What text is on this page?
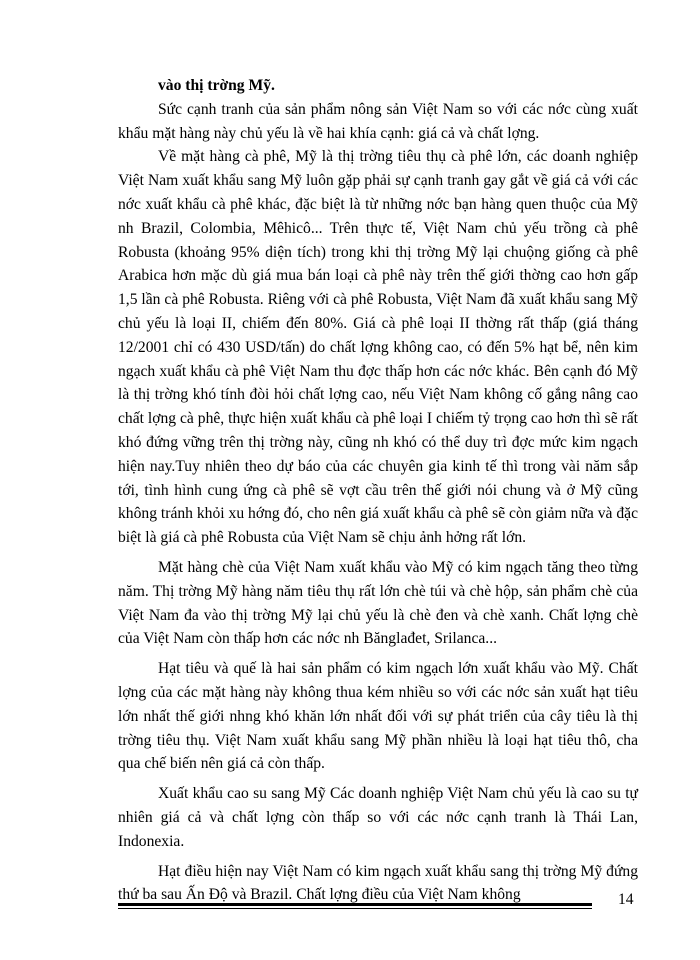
vào thị trờng Mỹ.

Sức cạnh tranh của sản phẩm nông sản Việt Nam so với các nớc cùng xuất khẩu mặt hàng này chủ yếu là về hai khía cạnh: giá cả và chất lợng.

Về mặt hàng cà phê, Mỹ là thị trờng tiêu thụ cà phê lớn, các doanh nghiệp Việt Nam xuất khẩu sang Mỹ luôn gặp phải sự cạnh tranh gay gắt về giá cả với các nớc xuất khẩu cà phê khác, đặc biệt là từ những nớc bạn hàng quen thuộc của Mỹ nh Brazil, Colombia, Mêhicô... Trên thực tế, Việt Nam chủ yếu trồng cà phê Robusta (khoảng 95% diện tích) trong khi thị trờng Mỹ lại chuộng giống cà phê Arabica hơn mặc dù giá mua bán loại cà phê này trên thế giới thờng cao hơn gấp 1,5 lần cà phê Robusta. Riêng với cà phê Robusta, Việt Nam đã xuất khẩu sang Mỹ chủ yếu là loại II, chiếm đến 80%. Giá cà phê loại II thờng rất thấp (giá tháng 12/2001 chỉ có 430 USD/tấn) do chất lợng không cao, có đến 5% hạt bể, nên kim ngạch xuất khẩu cà phê Việt Nam thu đợc thấp hơn các nớc khác. Bên cạnh đó Mỹ là thị trờng khó tính đòi hỏi chất lợng cao, nếu Việt Nam không cố gắng nâng cao chất lợng cà phê, thực hiện xuất khẩu cà phê loại I chiếm tỷ trọng cao hơn thì sẽ rất khó đứng vững trên thị trờng này, cũng nh khó có thể duy trì đợc mức kim ngạch hiện nay.Tuy nhiên theo dự báo của các chuyên gia kinh tế thì trong vài năm sắp tới, tình hình cung ứng cà phê sẽ vợt cầu trên thế giới nói chung và ở Mỹ cũng không tránh khỏi xu hớng đó, cho nên giá xuất khẩu cà phê sẽ còn giảm nữa và đặc biệt là giá cà phê Robusta của Việt Nam sẽ chịu ảnh hởng rất lớn.

Mặt hàng chè của Việt Nam xuất khẩu vào Mỹ có kim ngạch tăng theo từng năm. Thị trờng Mỹ hàng năm tiêu thụ rất lớn chè túi và chè hộp, sản phẩm chè của Việt Nam đa vào thị trờng Mỹ lại chủ yếu là chè đen và chè xanh. Chất lợng chè của Việt Nam còn thấp hơn các nớc nh Bănglađet, Srilanca...

Hạt tiêu và quế là hai sản phẩm có kim ngạch lớn xuất khẩu vào Mỹ. Chất lợng của các mặt hàng này không thua kém nhiều so với các nớc sản xuất hạt tiêu lớn nhất thế giới nhng khó khăn lớn nhất đối với sự phát triển của cây tiêu là thị trờng tiêu thụ. Việt Nam xuất khẩu sang Mỹ phần nhiều là loại hạt tiêu thô, cha qua chế biến nên giá cả còn thấp.

Xuất khẩu cao su sang Mỹ Các doanh nghiệp Việt Nam chủ yếu là cao su tự nhiên giá cả và chất lợng còn thấp so với các nớc cạnh tranh là Thái Lan, Indonexia.

Hạt điều hiện nay Việt Nam có kim ngạch xuất khẩu sang thị trờng Mỹ đứng thứ ba sau Ấn Độ và Brazil. Chất lợng điều của Việt Nam không	14
